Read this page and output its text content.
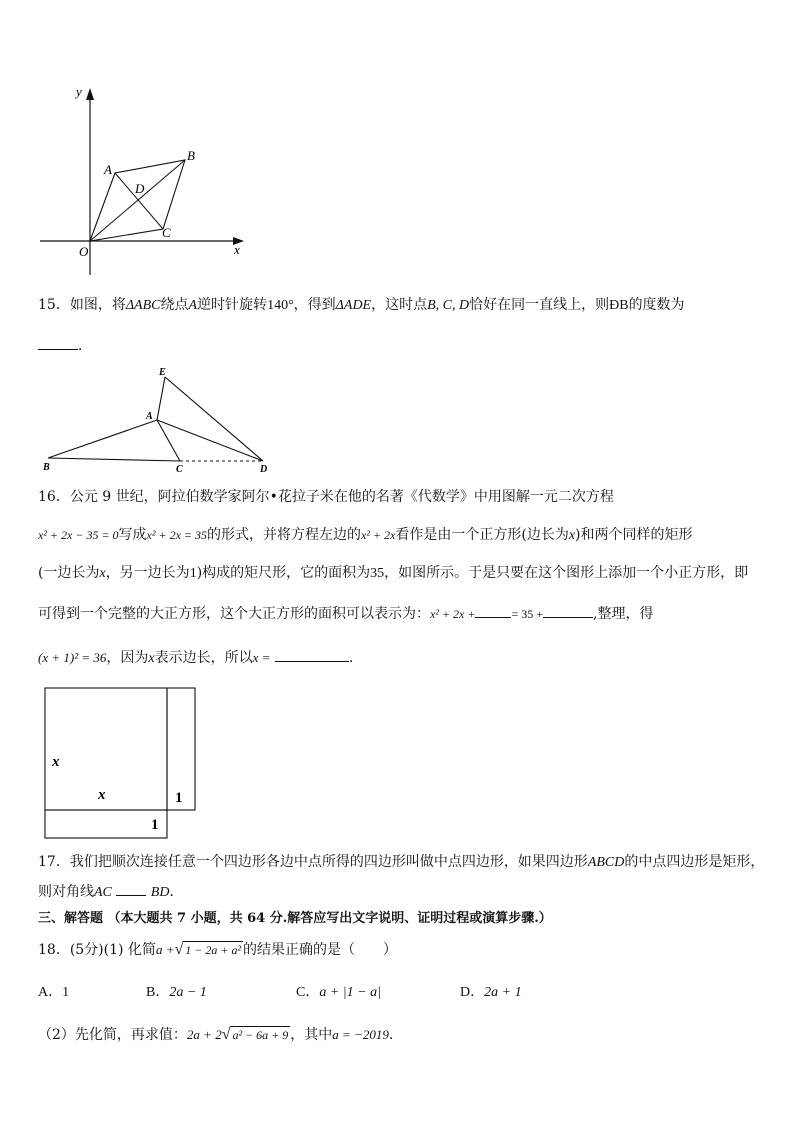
y
x
O
A
B
C
D
15．如图，将ΔABC绕点A逆时针旋转140°，得到ΔADE，这时点B, C, D恰好在同一直线上，则ÐB的度数为
．
E
A
B	C	D
16．公元 9 世纪，阿拉伯数学家阿尔•花拉子米在他的名著《代数学》中用图解一元二次方程
x² + 2x − 35 = 0写成x² + 2x = 35的形式，并将方程左边的x² + 2x看作是由一个正方形(边长为x)和两个同样的矩形
(一边长为x，另一边长为1)构成的矩尺形，它的面积为35，如图所示。于是只要在这个图形上添加一个小正方形，即
可得到一个完整的大正方形，这个大正方形的面积可以表示为：x² + 2x +	= 35 +	,整理，得
(x + 1)² = 36，因为x表示边长，所以x =	.
x
x	1
1
17．我们把顺次连接任意一个四边形各边中点所得的四边形叫做中点四边形，如果四边形ABCD的中点四边形是矩形，
则对角线AC	BD．
三、解答题 （本大题共 7 小题，共 64 分.解答应写出文字说明、证明过程或演算步骤.）
18．(5分)(1) 化简a +√ 1 − 2a + a² 的结果正确的是（　　）
A．1	B．2a − 1	C．a + |1 − a|	D．2a + 1
（2）先化简，再求值：2a + 2√ a² − 6a + 9 ，其中a = −2019.
